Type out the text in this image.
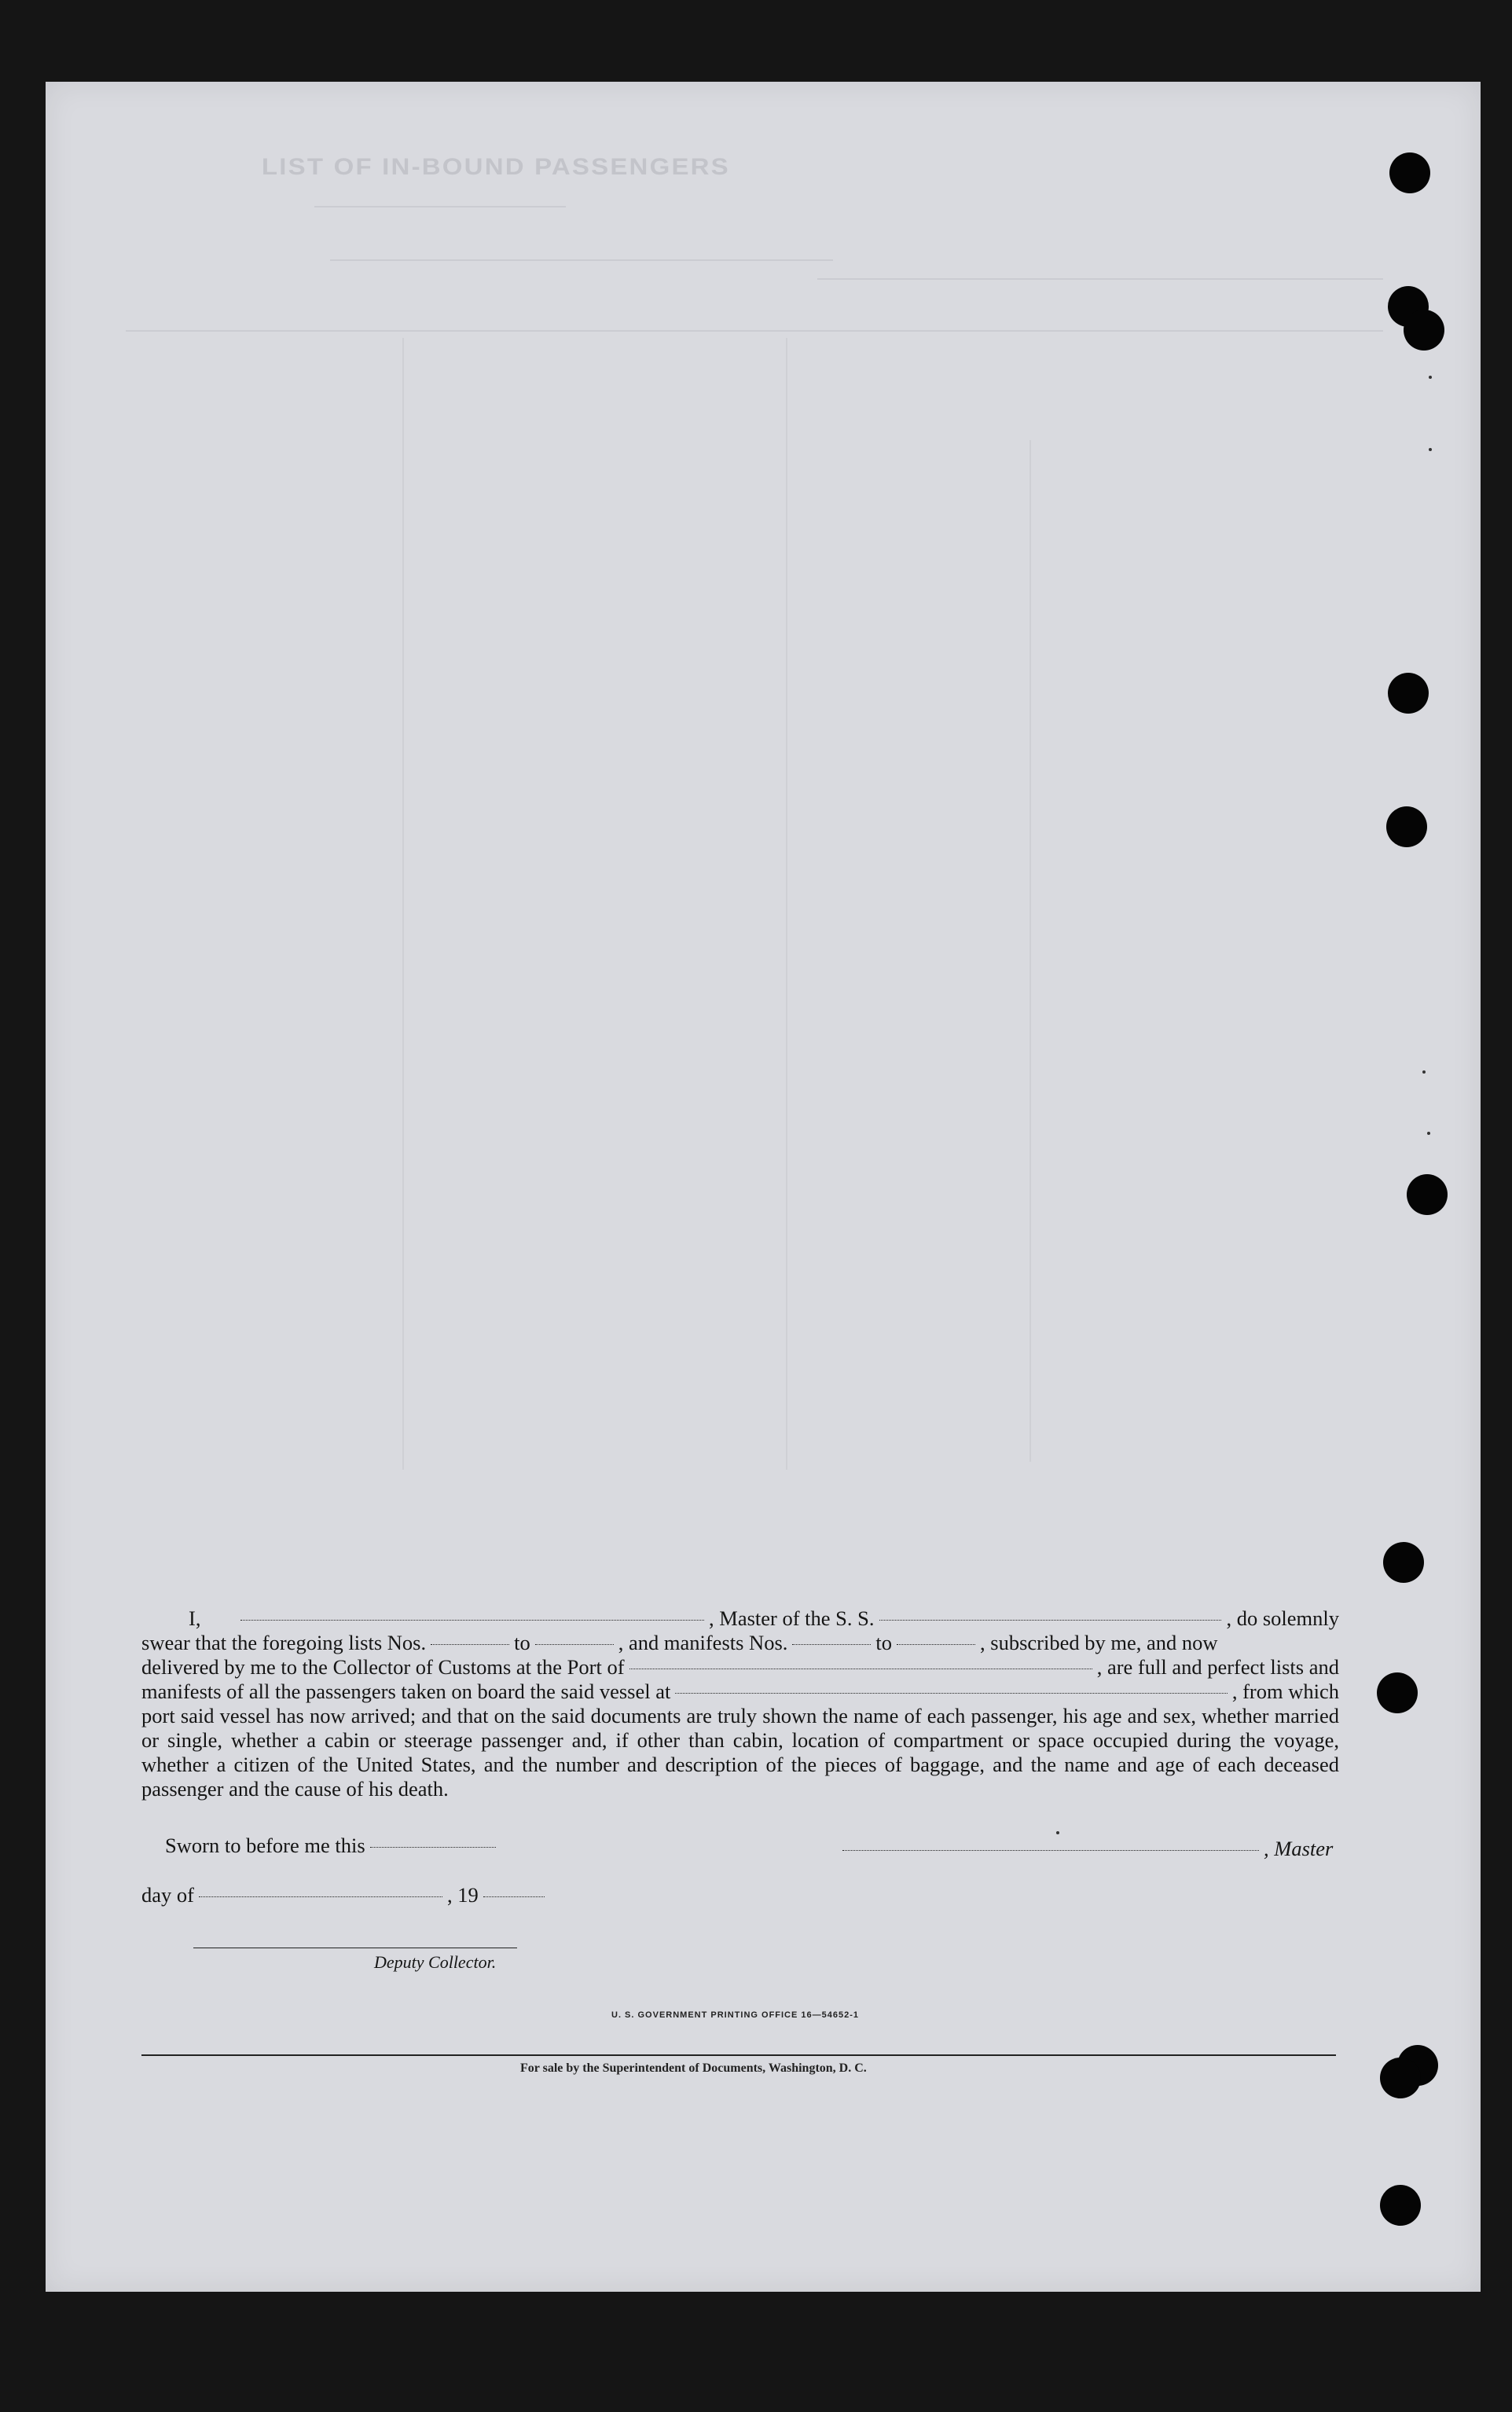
LIST OF IN-BOUND PASSENGERS
I,	, Master of the S. S.	, do solemnly
swear that the foregoing lists Nos.	to	, and manifests Nos.	to	, subscribed by me, and now
delivered by me to the Collector of Customs at the Port of	, are full and perfect lists and
manifests of all the passengers taken on board the said vessel at	, from which

port said vessel has now arrived; and that on the said documents are truly shown the name of each passenger, his age and sex, whether married or single, whether a cabin or steerage passenger and, if other than cabin, location of compartment or space occupied during the voyage, whether a citizen of the United States, and the number and description of the pieces of baggage, and the name and age of each deceased passenger and the cause of his death.

Sworn to before me this	, Master
day of	, 19
Deputy Collector.
U. S. GOVERNMENT PRINTING OFFICE 16—54652-1
For sale by the Superintendent of Documents, Washington, D. C.
